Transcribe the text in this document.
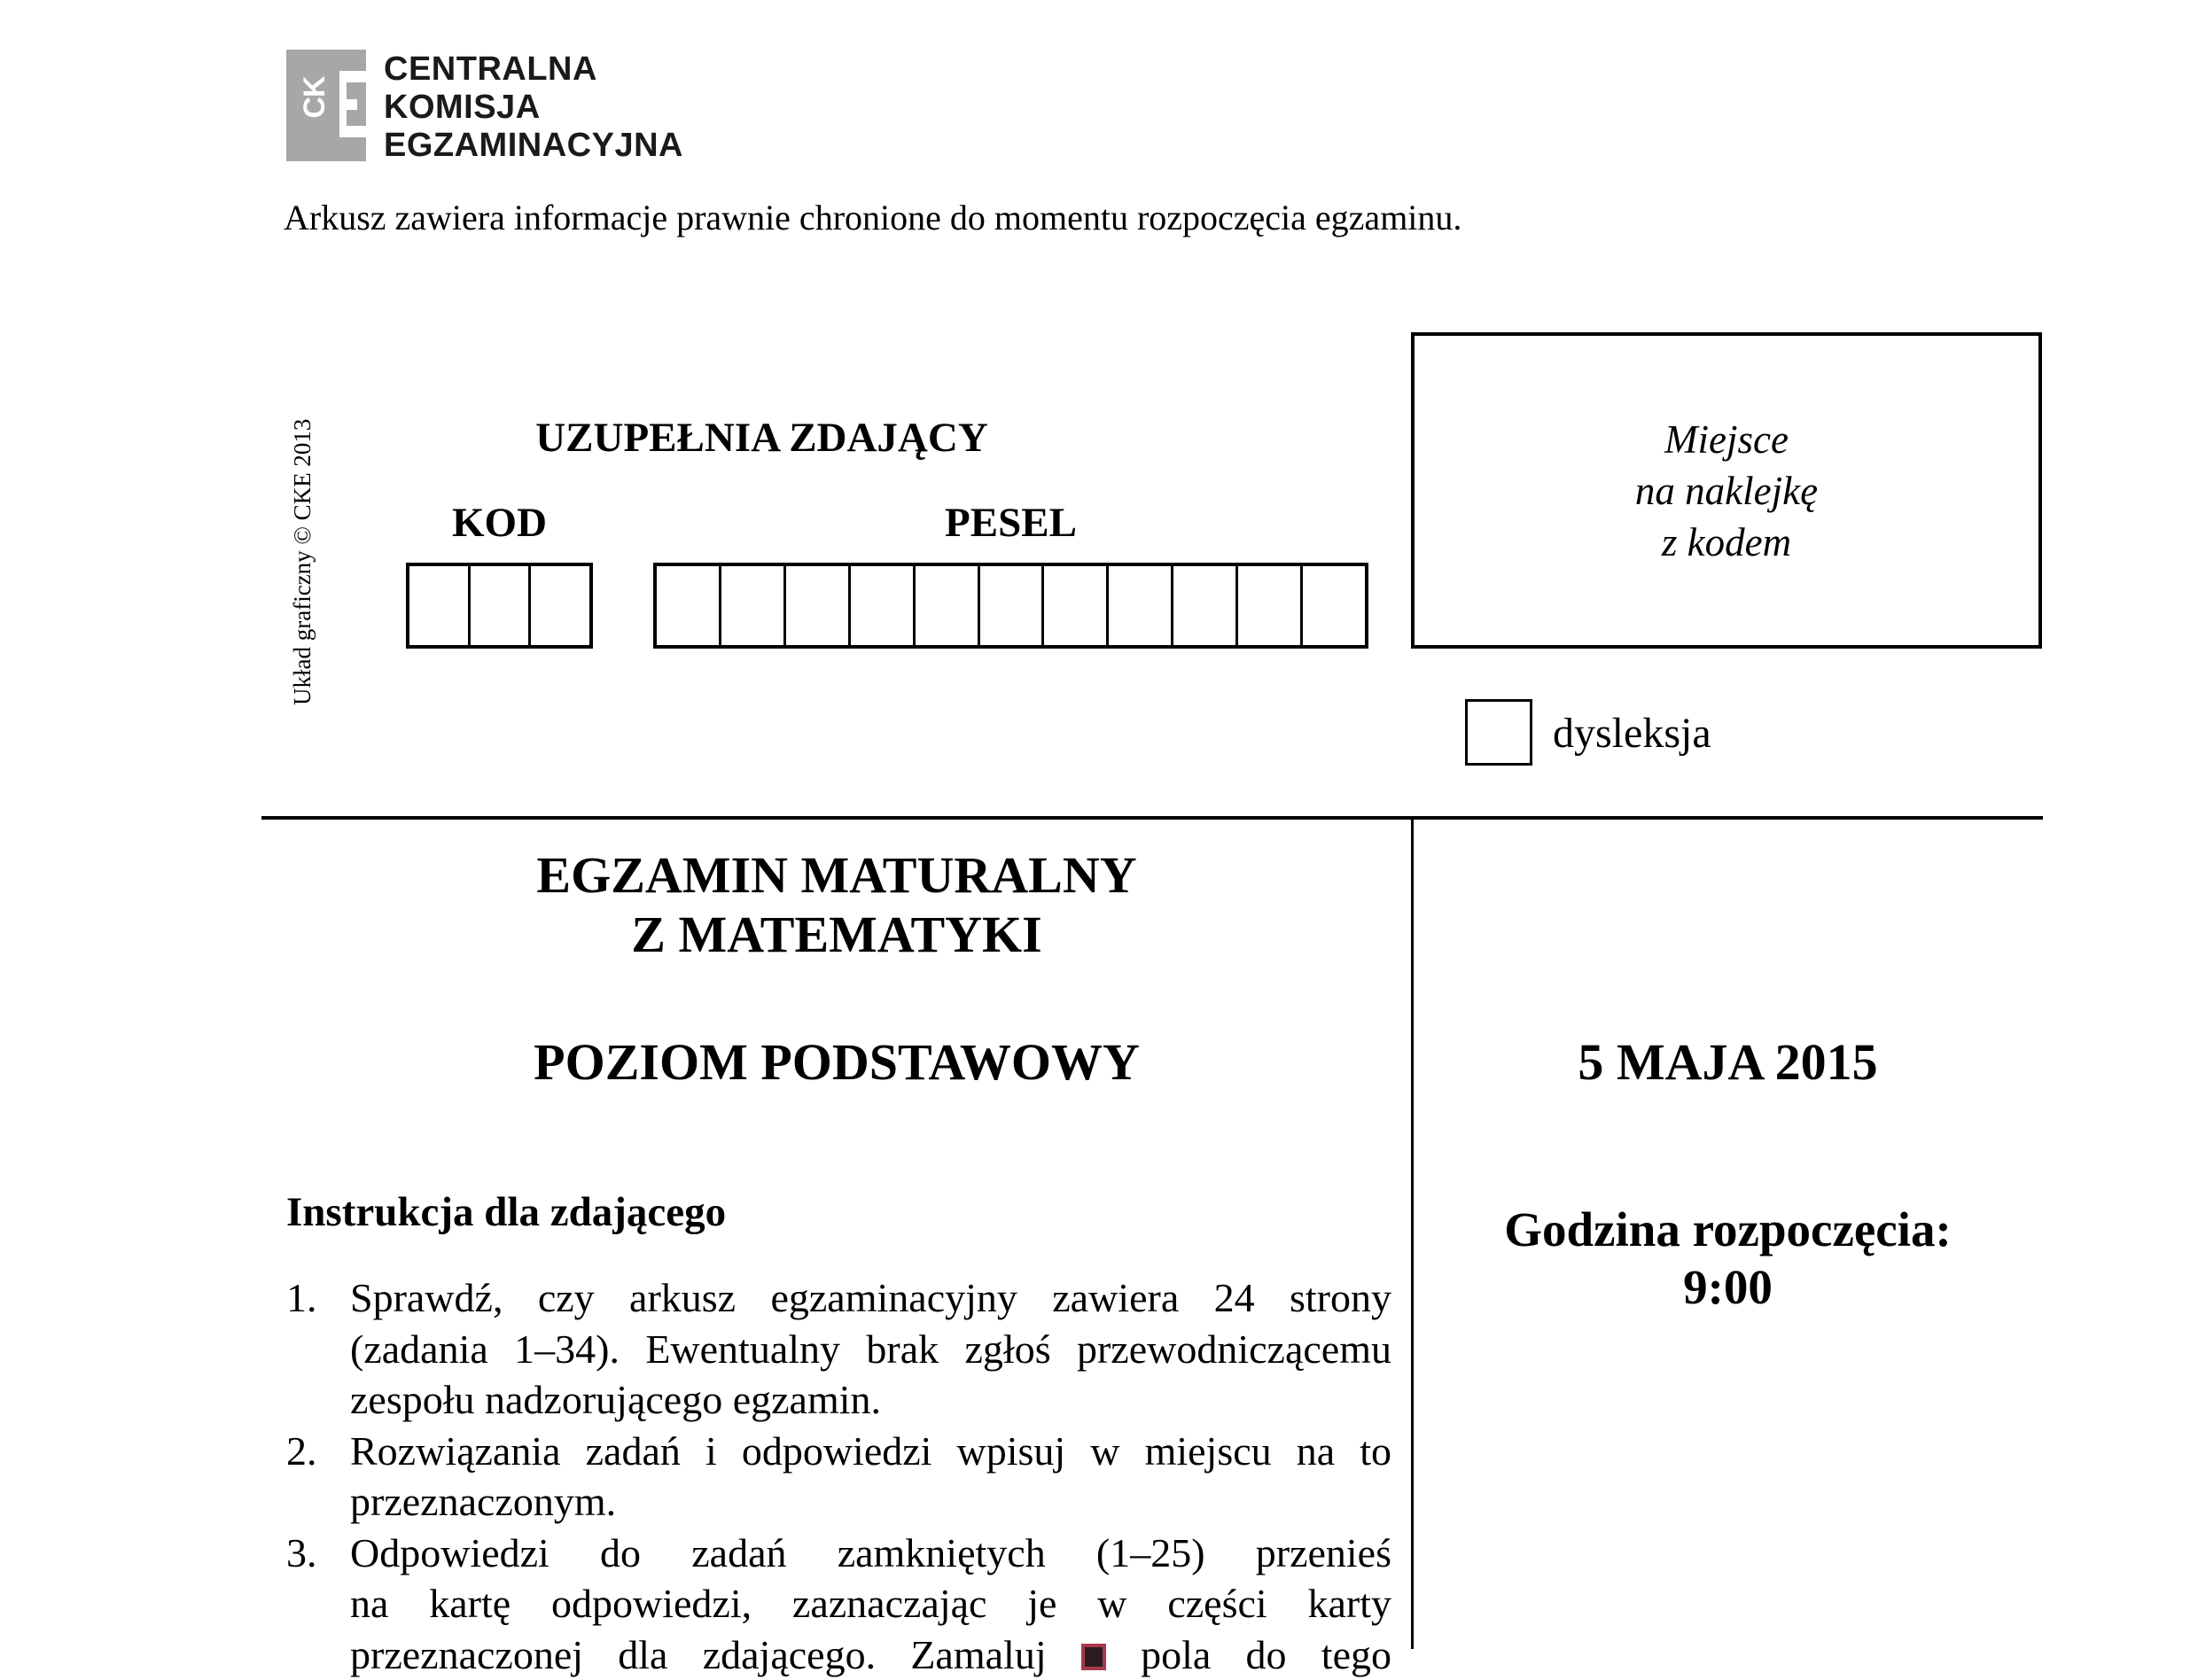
CK
CENTRALNA
KOMISJA
EGZAMINACYJNA
Arkusz zawiera informacje prawnie chronione do momentu rozpoczęcia egzaminu.
Układ graficzny © CKE 2013	UZUPEŁNIA ZDAJĄCY
KOD	PESEL
Miejsce
na naklejkę
z kodem
dysleksja
EGZAMIN MATURALNY
Z MATEMATYKI
POZIOM PODSTAWOWY	5 MAJA 2015
Godzina rozpoczęcia:
9:00
Instrukcja dla zdającego
1. Sprawdź, czy arkusz egzaminacyjny zawiera 24 strony
(zadania 1–34). Ewentualny brak zgłoś przewodniczącemu
zespołu nadzorującego egzamin.
2. Rozwiązania zadań i odpowiedzi wpisuj w miejscu na to
przeznaczonym.
3. Odpowiedzi do zadań zamkniętych (1–25) przenieś
na kartę odpowiedzi, zaznaczając je w części karty
przeznaczonej dla zdającego. Zamaluj pola do tego
